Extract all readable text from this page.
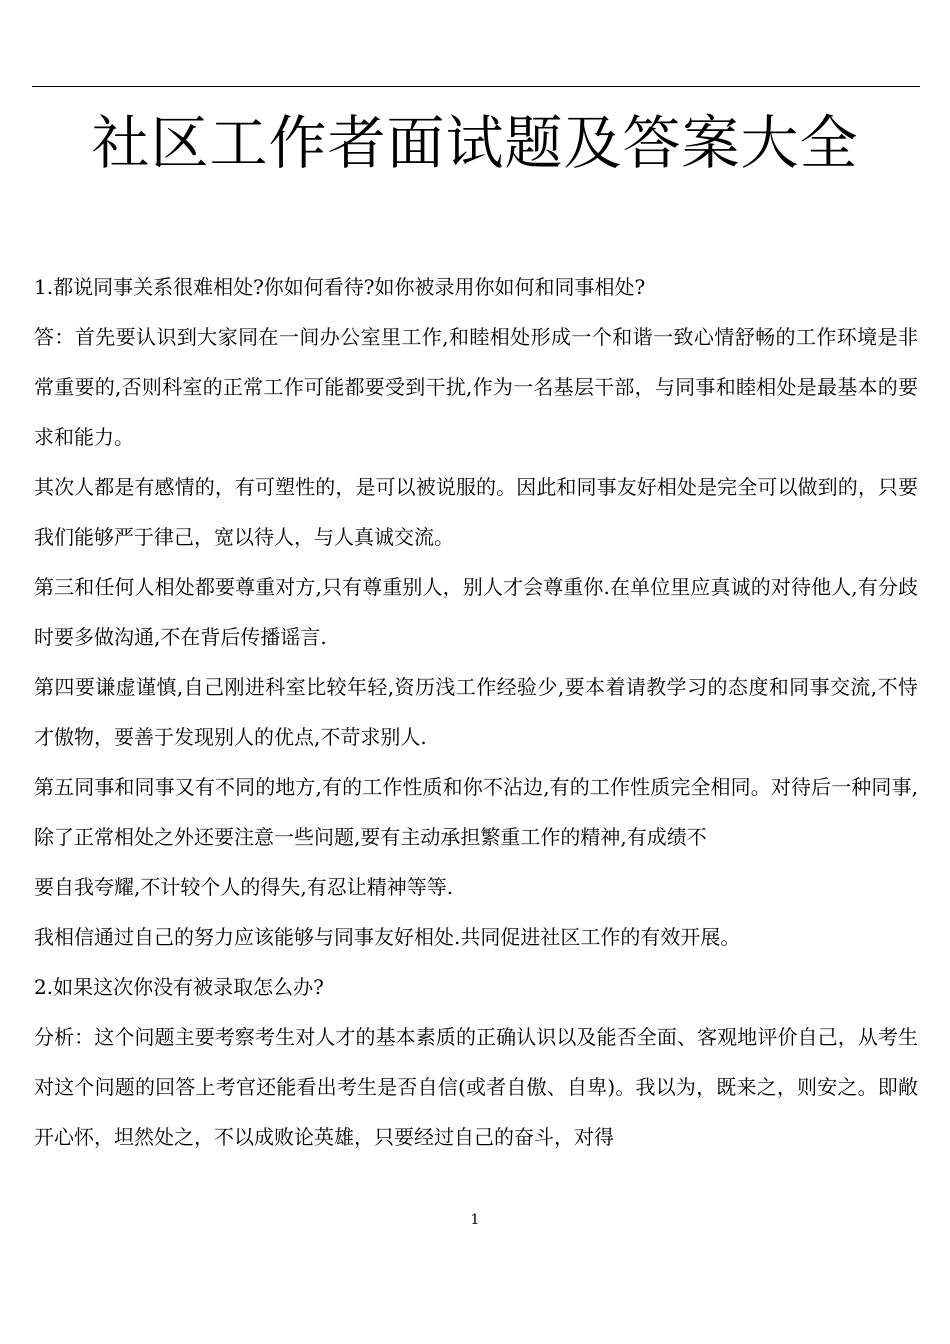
社区工作者面试题及答案大全

1.都说同事关系很难相处?你如何看待?如你被录用你如何和同事相处?

答：首先要认识到大家同在一间办公室里工作,和睦相处形成一个和谐一致心情舒畅的工作环境是非常重要的,否则科室的正常工作可能都要受到干扰,作为一名基层干部，与同事和睦相处是最基本的要求和能力。

其次人都是有感情的，有可塑性的，是可以被说服的。因此和同事友好相处是完全可以做到的，只要我们能够严于律己，宽以待人，与人真诚交流。

第三和任何人相处都要尊重对方,只有尊重别人，别人才会尊重你.在单位里应真诚的对待他人,有分歧时要多做沟通,不在背后传播谣言.

第四要谦虚谨慎,自己刚进科室比较年轻,资历浅工作经验少,要本着请教学习的态度和同事交流,不恃才傲物，要善于发现别人的优点,不苛求别人.

第五同事和同事又有不同的地方,有的工作性质和你不沾边,有的工作性质完全相同。对待后一种同事,除了正常相处之外还要注意一些问题,要有主动承担繁重工作的精神,有成绩不

要自我夸耀,不计较个人的得失,有忍让精神等等.

我相信通过自己的努力应该能够与同事友好相处.共同促进社区工作的有效开展。

2.如果这次你没有被录取怎么办?

分析：这个问题主要考察考生对人才的基本素质的正确认识以及能否全面、客观地评价自己，从考生对这个问题的回答上考官还能看出考生是否自信(或者自傲、自卑)。我以为，既来之，则安之。即敞开心怀，坦然处之，不以成败论英雄，只要经过自己的奋斗，对得

1
